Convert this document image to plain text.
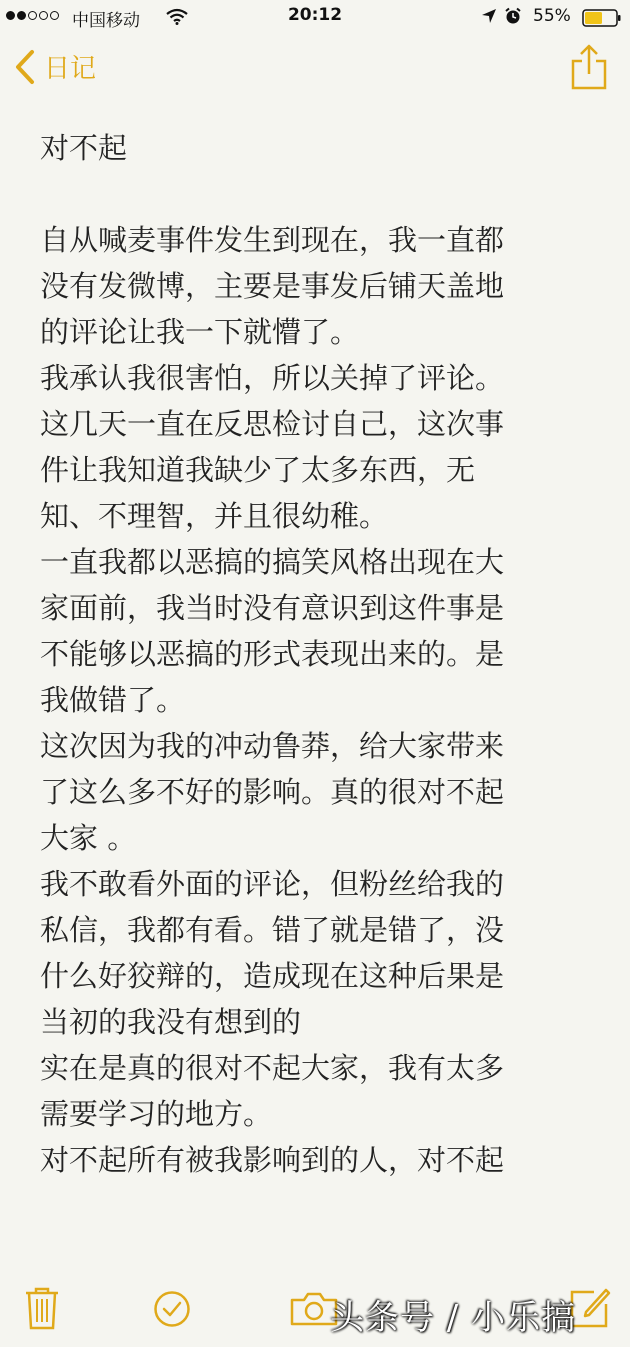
中国移动	20:12	55%
日记
对不起
自从喊麦事件发生到现在，我一直都
没有发微博，主要是事发后铺天盖地
的评论让我一下就懵了。
我承认我很害怕，所以关掉了评论。
这几天一直在反思检讨自己，这次事
件让我知道我缺少了太多东西，无
知、不理智，并且很幼稚。
一直我都以恶搞的搞笑风格出现在大
家面前，我当时没有意识到这件事是
不能够以恶搞的形式表现出来的。是
我做错了。
这次因为我的冲动鲁莽，给大家带来
了这么多不好的影响。真的很对不起
大家 。
我不敢看外面的评论，但粉丝给我的
私信，我都有看。错了就是错了，没
什么好狡辩的，造成现在这种后果是
当初的我没有想到的
实在是真的很对不起大家，我有太多
需要学习的地方。
对不起所有被我影响到的人，对不起
头条号 / 小乐搞
